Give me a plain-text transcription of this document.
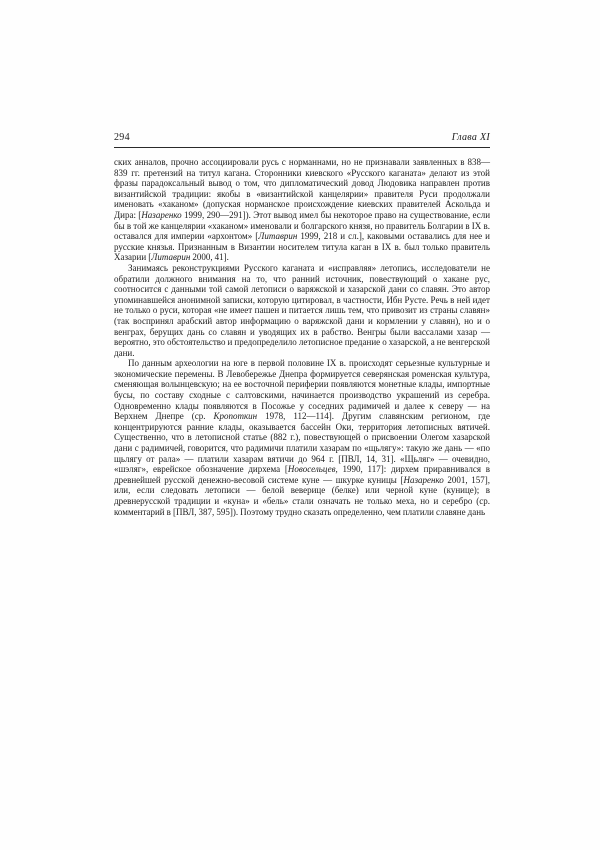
294	Глава XI

ских анналов, прочно ассоциировали русь с норманнами, но не признавали заявленных в 838—839 гг. претензий на титул кагана. Сторонники киевского «Русского каганата» делают из этой фразы парадоксальный вывод о том, что дипломатический довод Людовика направлен против византийской традиции: якобы в «византийской канцелярии» правителя Руси продолжали именовать «хаканом» (допуская норманское происхождение киевских правителей Аскольда и Дира: [Назаренко 1999, 290—291]). Этот вывод имел бы некоторое право на существование, если бы в той же канцелярии «хаканом» именовали и болгарского князя, но правитель Болгарии в IX в. оставался для империи «архонтом» [Литаврин 1999, 218 и сл.], каковыми оставались для нее и русские князья. Признанным в Византии носителем титула каган в IX в. был только правитель Хазарии [Литаврин 2000, 41].

Занимаясь реконструкциями Русского каганата и «исправляя» летопись, исследователи не обратили должного внимания на то, что ранний источник, повествующий о хакане рус, соотносится с данными той самой летописи о варяжской и хазарской дани со славян. Это автор упоминавшейся анонимной записки, которую цитировал, в частности, Ибн Русте. Речь в ней идет не только о руси, которая «не имеет пашен и питается лишь тем, что привозит из страны славян» (так воспринял арабский автор информацию о варяжской дани и кормлении у славян), но и о венграх, берущих дань со славян и уводящих их в рабство. Венгры были вассалами хазар — вероятно, это обстоятельство и предопределило летописное предание о хазарской, а не венгерской дани.

По данным археологии на юге в первой половине IX в. происходят серьезные культурные и экономические перемены. В Левобережье Днепра формируется северянская роменская культура, сменяющая волынцевскую; на ее восточной периферии появляются монетные клады, импортные бусы, по составу сходные с салтовскими, начинается производство украшений из серебра. Одновременно клады появляются в Посожье у соседних радимичей и далее к северу — на Верхнем Днепре (ср. Кропоткин 1978, 112—114]. Другим славянским регионом, где концентрируются ранние клады, оказывается бассейн Оки, территория летописных вятичей. Существенно, что в летописной статье (882 г.), повествующей о присвоении Олегом хазарской дани с радимичей, говорится, что радимичи платили хазарам по «щьлягу»: такую же дань — «по щьлягу от рала» — платили хазарам вятичи до 964 г. [ПВЛ, 14, 31]. «Щьляг» — очевидно, «шэляг», еврейское обозначение дирхема [Новосельцев, 1990, 117]: дирхем приравнивался в древнейшей русской денежно-весовой системе куне — шкурке куницы [Назаренко 2001, 157], или, если следовать летописи — белой веверице (белке) или черной куне (кунице); в древнерусской традиции и «куна» и «бель» стали означать не только меха, но и серебро (ср. комментарий в [ПВЛ, 387, 595]). Поэтому трудно сказать определенно, чем платили славяне дань
